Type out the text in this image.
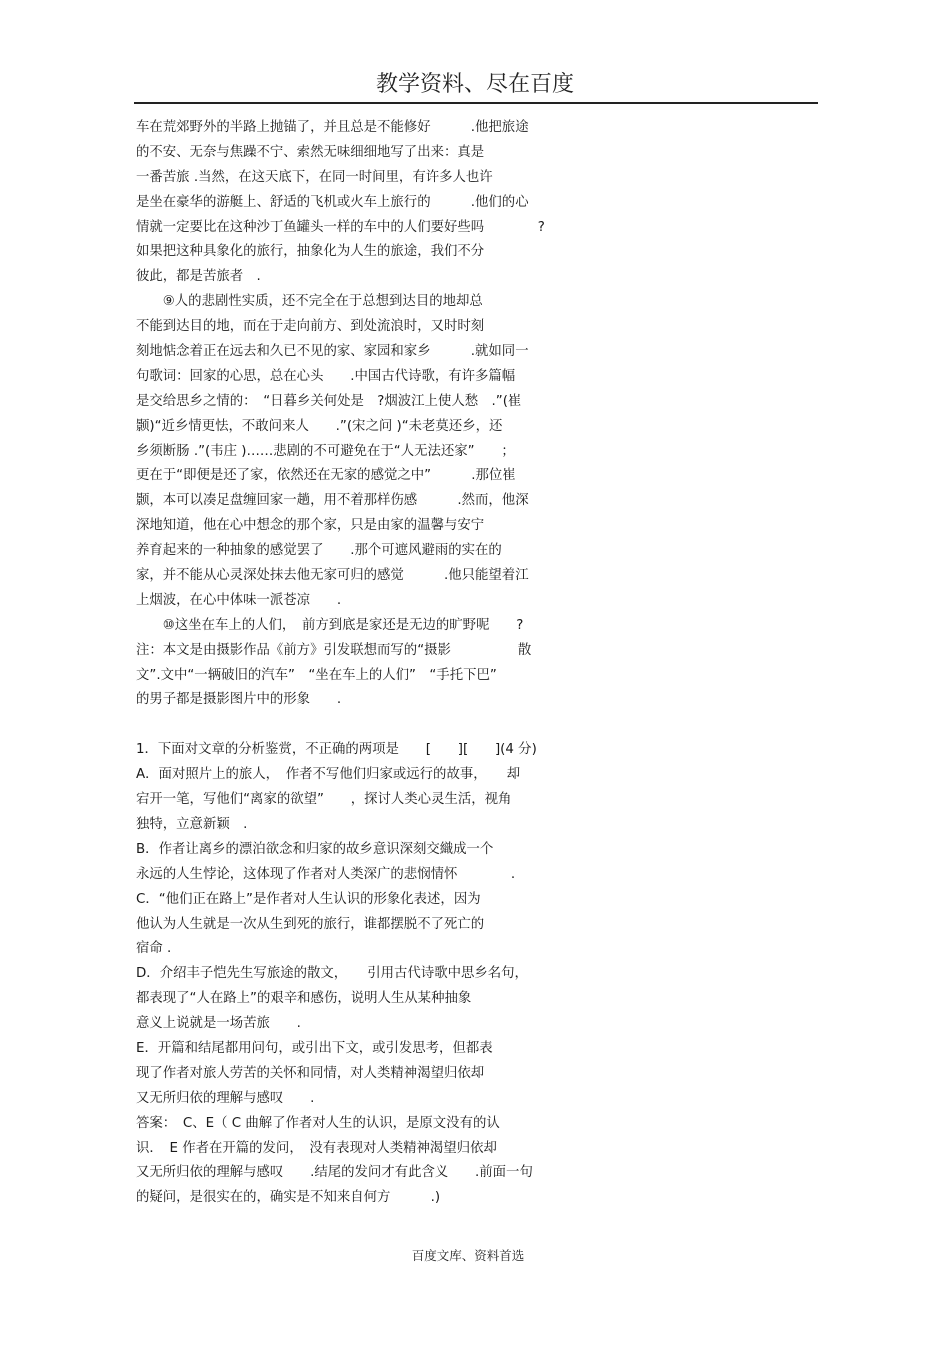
教学资料、尽在百度
车在荒郊野外的半路上抛锚了，并且总是不能修好　　　.他把旅途
的不安、无奈与焦躁不宁、索然无味细细地写了出来：真是
一番苦旅 .当然，在这天底下，在同一时间里，有许多人也许
是坐在豪华的游艇上、舒适的飞机或火车上旅行的　　　.他们的心
情就一定要比在这种沙丁鱼罐头一样的车中的人们要好些吗　　　　?
如果把这种具象化的旅行，抽象化为人生的旅途，我们不分
彼此，都是苦旅者　.
　　⑨人的悲剧性实质，还不完全在于总想到达目的地却总
不能到达目的地，而在于走向前方、到处流浪时，又时时刻
刻地惦念着正在远去和久已不见的家、家园和家乡　　　.就如同一
句歌词：回家的心思，总在心头　　.中国古代诗歌，有许多篇幅
是交给思乡之情的：　“日暮乡关何处是　?烟波江上使人愁　.”(崔
颢)“近乡情更怯，不敢问来人　　.”(宋之问 )“未老莫还乡，还
乡须断肠 .”(韦庄 )……悲剧的不可避免在于“人无法还家”　　；
更在于“即便是还了家，依然还在无家的感觉之中”　　　.那位崔
颢，本可以凑足盘缠回家一趟，用不着那样伤感　　　.然而，他深
深地知道，他在心中想念的那个家，只是由家的温馨与安宁
养育起来的一种抽象的感觉罢了　　.那个可遮风避雨的实在的
家，并不能从心灵深处抹去他无家可归的感觉　　　.他只能望着江
上烟波，在心中体味一派苍凉　　.
　　⑩这坐在车上的人们，　前方到底是家还是无边的旷野呢　　?
注：本文是由摄影作品《前方》引发联想而写的“摄影　　　　　散
文”.文中“一辆破旧的汽车”　“坐在车上的人们”　“手托下巴”
的男子都是摄影图片中的形象　　.
1．下面对文章的分析鉴赏，不正确的两项是　　[　　][　　](4 分)
A．面对照片上的旅人，　作者不写他们归家或远行的故事，　　却
宕开一笔，写他们“离家的欲望”　　，探讨人类心灵生活，视角
独特，立意新颖　.
B．作者让离乡的漂泊欲念和归家的故乡意识深刻交織成一个
永远的人生悖论，这体现了作者对人类深广的悲悯情怀　　　　.
C．“他们正在路上”是作者对人生认识的形象化表述，因为
他认为人生就是一次从生到死的旅行，谁都摆脱不了死亡的
宿命 .
D．介绍丰子恺先生写旅途的散文，　　引用古代诗歌中思乡名句，
都表现了“人在路上”的艰辛和感伤，说明人生从某种抽象
意义上说就是一场苦旅　　.
E．开篇和结尾都用问句，或引出下文，或引发思考，但都表
现了作者对旅人劳苦的关怀和同情，对人类精神渴望归依却
又无所归依的理解与感叹　　.
答案：　C、E（ C 曲解了作者对人生的认识，是原文没有的认
识．　E 作者在开篇的发问，　没有表现对人类精神渴望归依却
又无所归依的理解与感叹　　.结尾的发问才有此含义　　.前面一句
的疑问，是很实在的，确实是不知来自何方　　　.)
百度文库、资料首选
